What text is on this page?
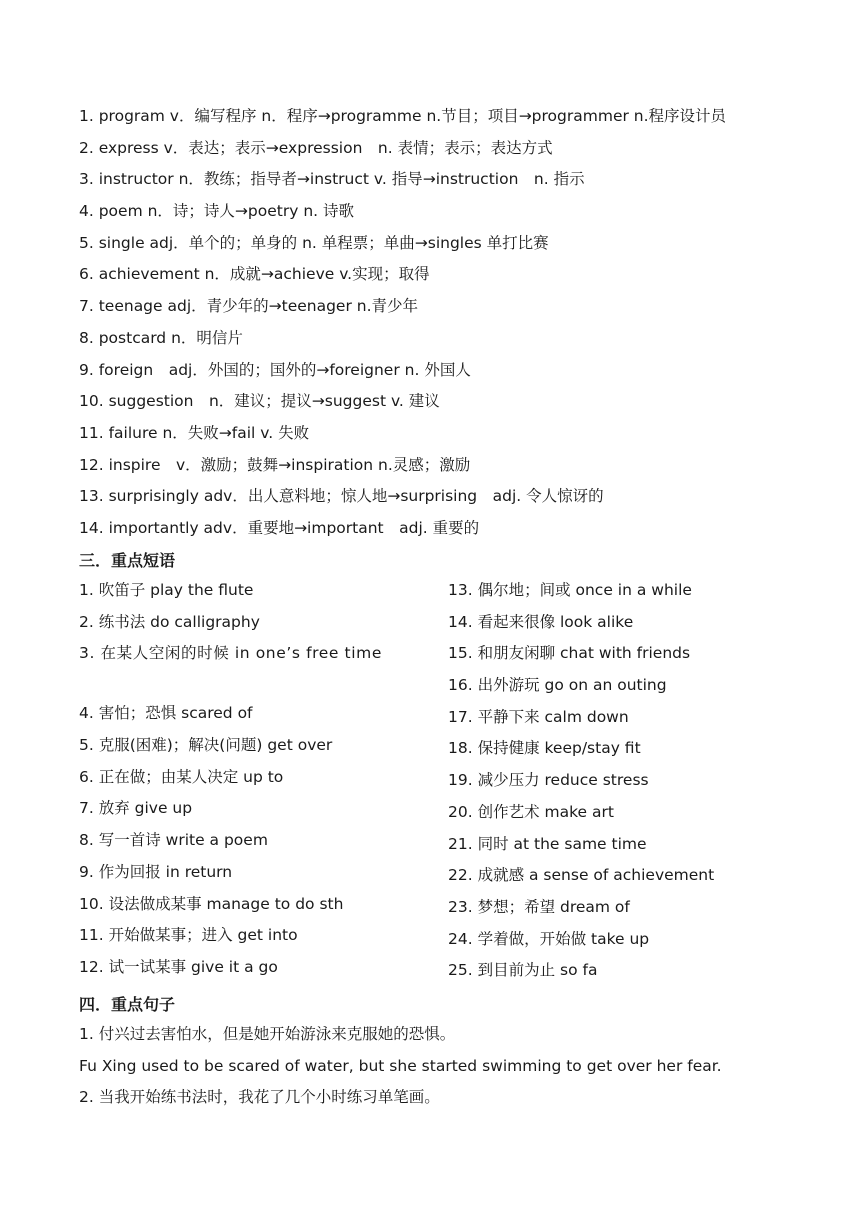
1. program v．编写程序 n．程序→programme n.节目；项目→programmer n.程序设计员
2. express v．表达；表示→expression　n. 表情；表示；表达方式
3. instructor n．教练；指导者→instruct v. 指导→instruction　n. 指示
4. poem n．诗；诗人→poetry n. 诗歌
5. single adj．单个的；单身的 n. 单程票；单曲→singles 单打比赛
6. achievement n．成就→achieve v.实现；取得
7. teenage adj．青少年的→teenager n.青少年
8. postcard n．明信片
9. foreign　adj．外国的；国外的→foreigner n. 外国人
10. suggestion　n．建议；提议→suggest v. 建议
11. failure n．失败→fail v. 失败
12. inspire　v．激励；鼓舞→inspiration n.灵感；激励
13. surprisingly adv．出人意料地；惊人地→surprising　adj. 令人惊讶的
14. importantly adv．重要地→important　adj. 重要的
三．重点短语
1. 吹笛子 play the flute
2. 练书法 do calligraphy
3. 在某人空闲的时候 in one’s free time
4. 害怕；恐惧 scared of
5. 克服(困难)；解决(问题) get over
6. 正在做；由某人决定 up to
7. 放弃 give up
8. 写一首诗 write a poem
9. 作为回报 in return
10. 设法做成某事 manage to do sth
11. 开始做某事；进入 get into
12. 试一试某事 give it a go
13. 偶尔地；间或 once in a while
14. 看起来很像 look alike
15. 和朋友闲聊 chat with friends
16. 出外游玩 go on an outing
17. 平静下来 calm down
18. 保持健康 keep/stay fit
19. 减少压力 reduce stress
20. 创作艺术 make art
21. 同时 at the same time
22. 成就感 a sense of achievement
23. 梦想；希望 dream of
24. 学着做，开始做 take up
25. 到目前为止 so fa
四．重点句子
1. 付兴过去害怕水，但是她开始游泳来克服她的恐惧。
Fu Xing used to be scared of water, but she started swimming to get over her fear.
2. 当我开始练书法时，我花了几个小时练习单笔画。
